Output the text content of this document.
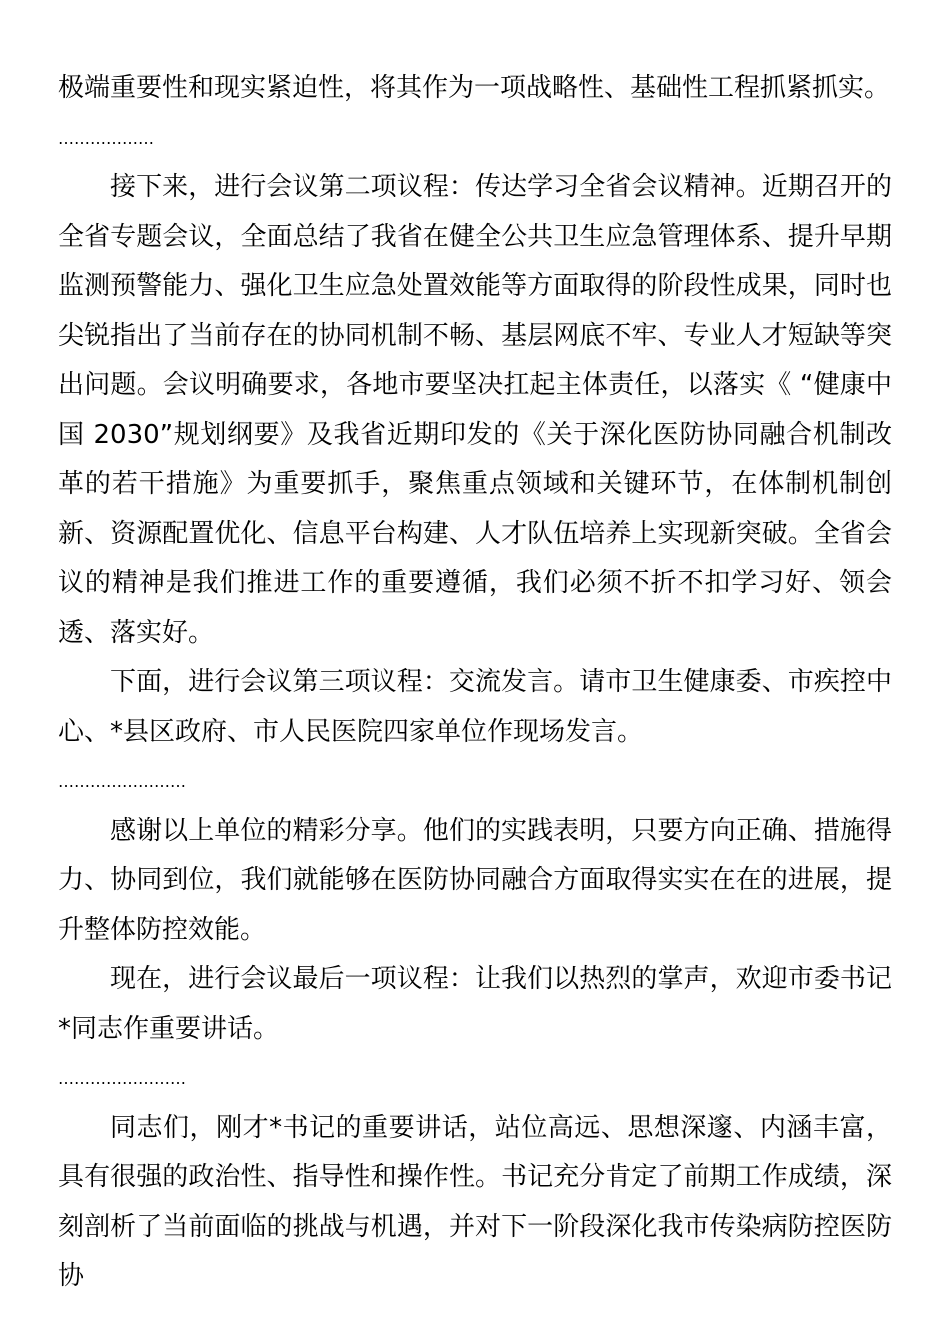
极端重要性和现实紧迫性，将其作为一项战略性、基础性工程抓紧抓实。

………………

接下来，进行会议第二项议程：传达学习全省会议精神。近期召开的全省专题会议，全面总结了我省在健全公共卫生应急管理体系、提升早期监测预警能力、强化卫生应急处置效能等方面取得的阶段性成果，同时也尖锐指出了当前存在的协同机制不畅、基层网底不牢、专业人才短缺等突出问题。会议明确要求，各地市要坚决扛起主体责任，以落实《 “健康中国 2030”规划纲要》及我省近期印发的《关于深化医防协同融合机制改革的若干措施》为重要抓手，聚焦重点领域和关键环节，在体制机制创新、资源配置优化、信息平台构建、人才队伍培养上实现新突破。全省会议的精神是我们推进工作的重要遵循，我们必须不折不扣学习好、领会透、落实好。

下面，进行会议第三项议程：交流发言。请市卫生健康委、市疾控中心、*县区政府、市人民医院四家单位作现场发言。

……………………

感谢以上单位的精彩分享。他们的实践表明，只要方向正确、措施得力、协同到位，我们就能够在医防协同融合方面取得实实在在的进展，提升整体防控效能。

现在，进行会议最后一项议程：让我们以热烈的掌声，欢迎市委书记*同志作重要讲话。

……………………

同志们，刚才*书记的重要讲话，站位高远、思想深邃、内涵丰富，具有很强的政治性、指导性和操作性。书记充分肯定了前期工作成绩，深刻剖析了当前面临的挑战与机遇，并对下一阶段深化我市传染病防控医防协
